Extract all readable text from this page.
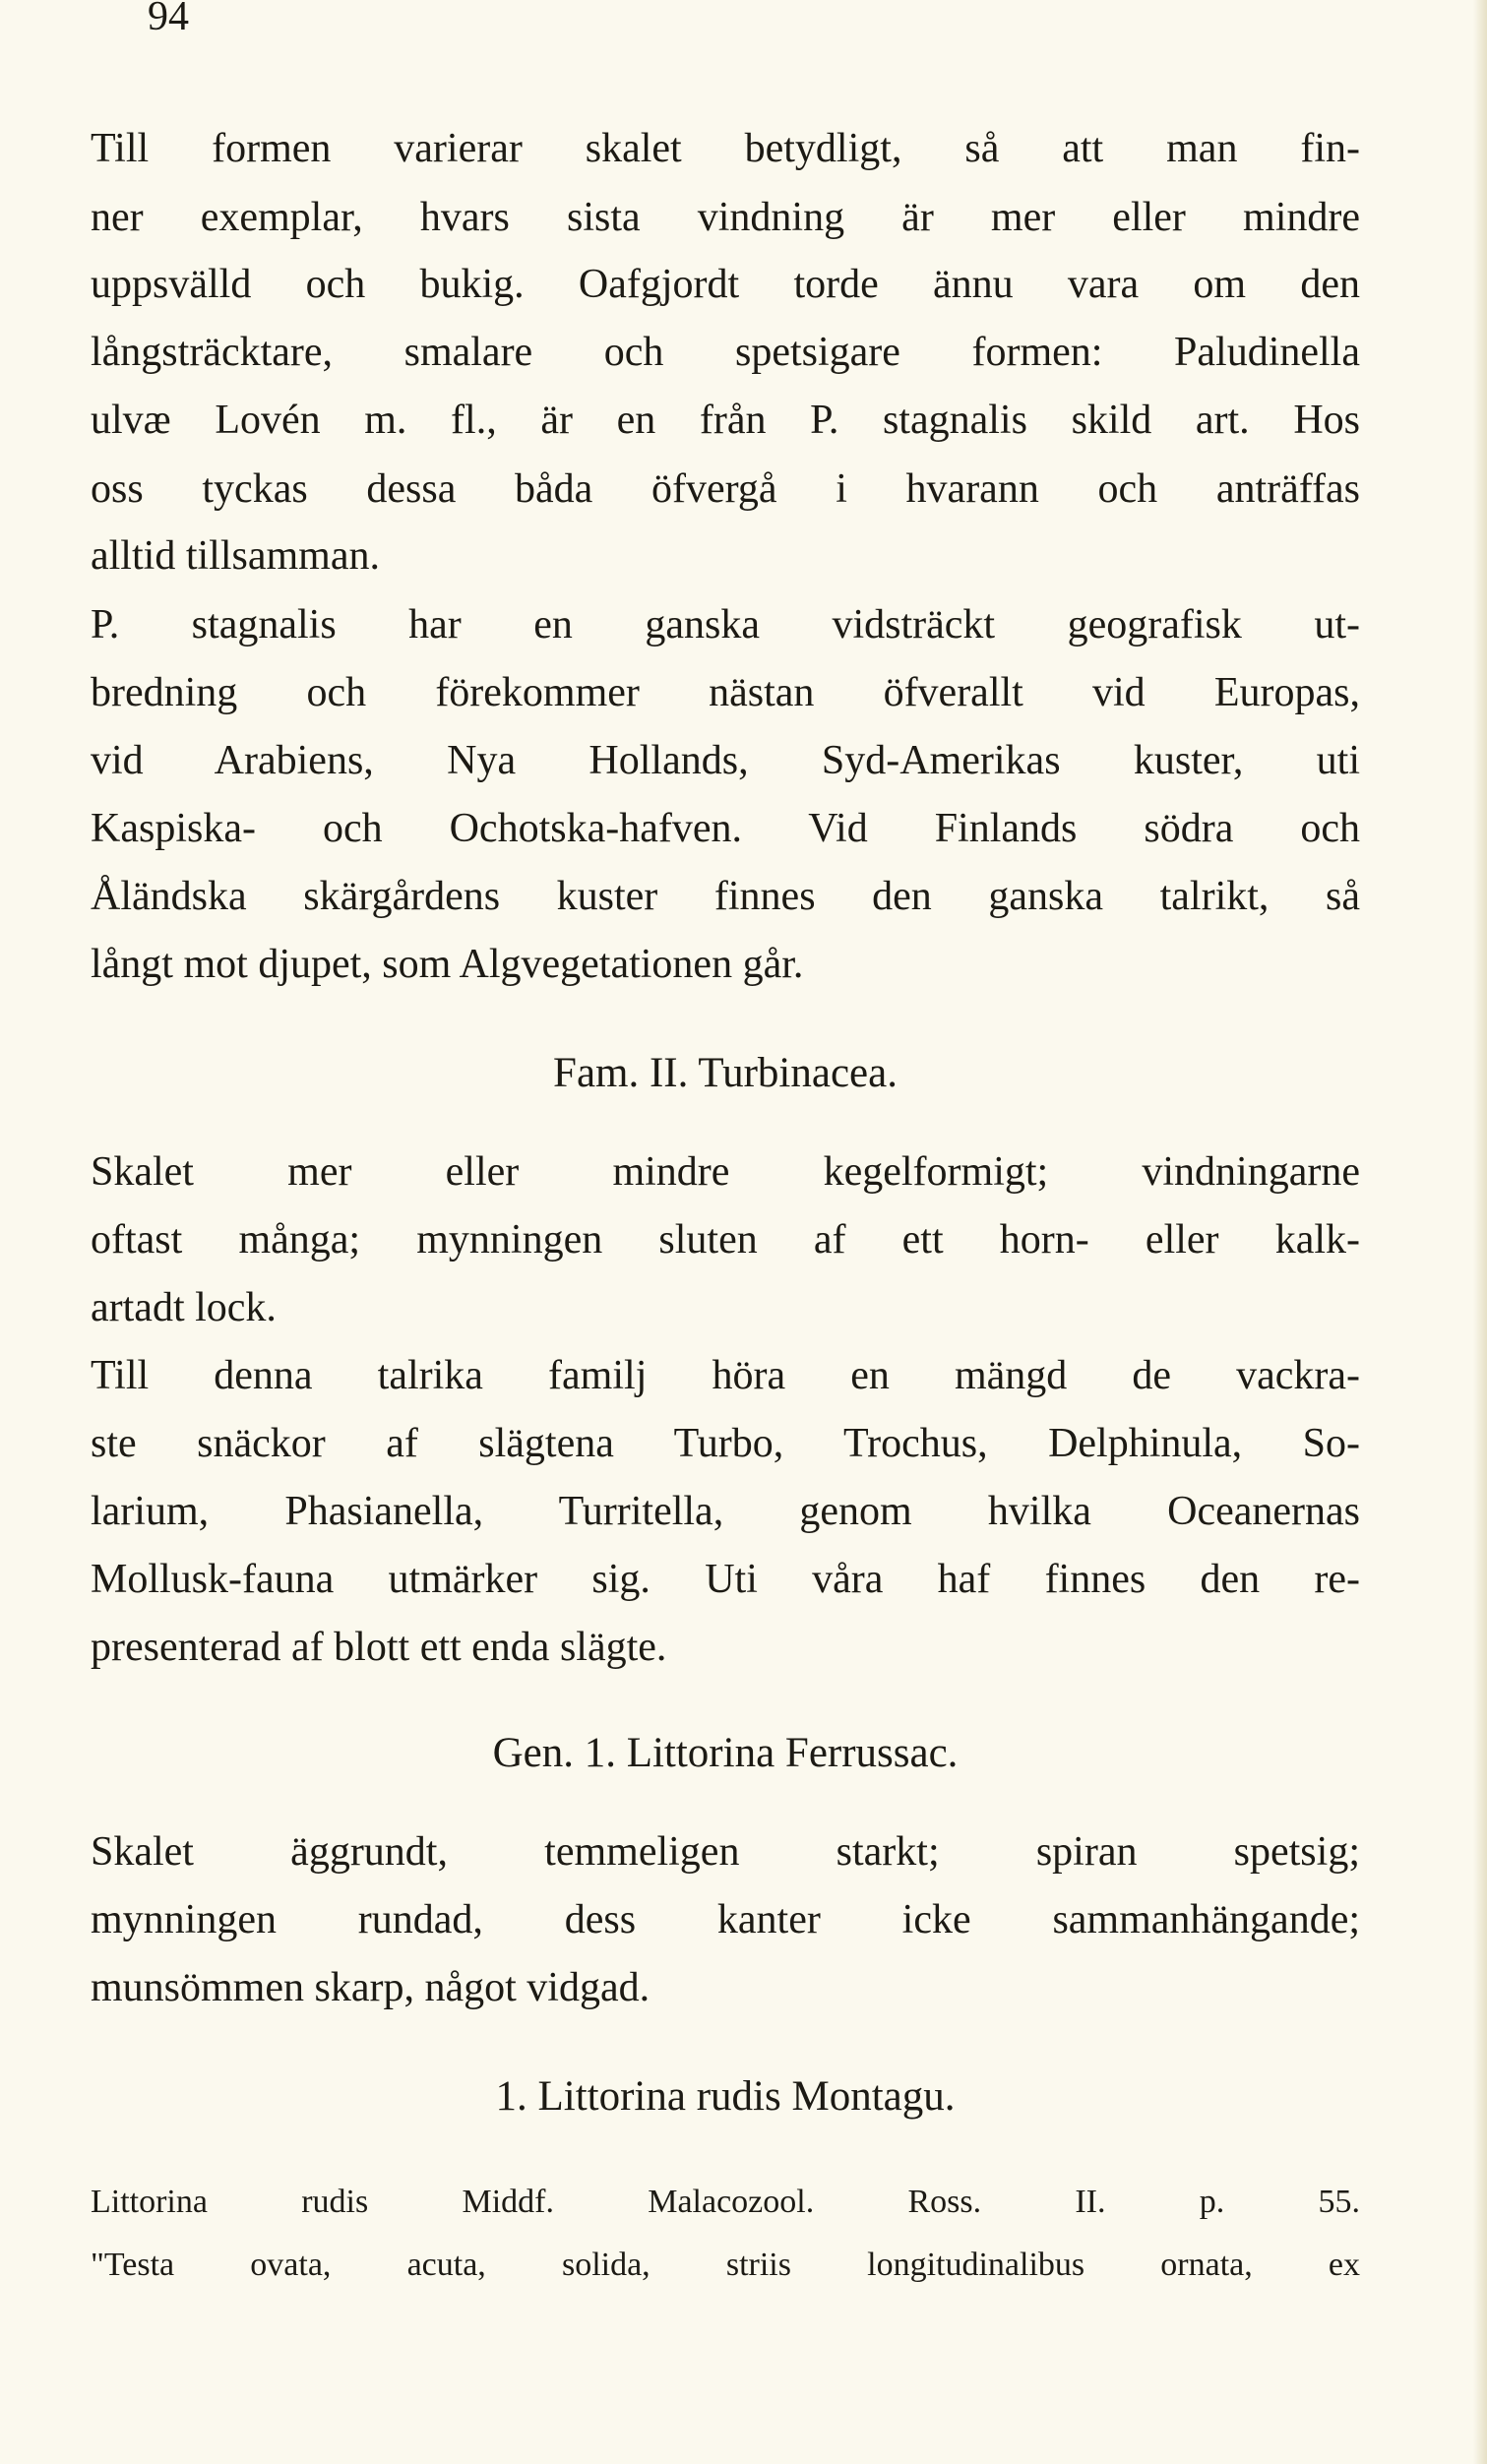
94
Till formen varierar skalet betydligt, så att man fin-
ner exemplar, hvars sista vindning är mer eller mindre
uppsvälld och bukig. Oafgjordt torde ännu vara om den
långsträcktare, smalare och spetsigare formen: Paludinella
ulvæ Lovén m. fl., är en från P. stagnalis skild art. Hos
oss tyckas dessa båda öfvergå i hvarann och anträffas
alltid tillsamman.
P. stagnalis har en ganska vidsträckt geografisk ut-
bredning och förekommer nästan öfverallt vid Europas,
vid Arabiens, Nya Hollands, Syd-Amerikas kuster, uti
Kaspiska- och Ochotska-hafven. Vid Finlands södra och
Åländska skärgårdens kuster finnes den ganska talrikt, så
långt mot djupet, som Algvegetationen går.
Fam. II. Turbinacea.
Skalet mer eller mindre kegelformigt; vindningarne
oftast många; mynningen sluten af ett horn- eller kalk-
artadt lock.
Till denna talrika familj höra en mängd de vackra-
ste snäckor af slägtena Turbo, Trochus, Delphinula, So-
larium, Phasianella, Turritella, genom hvilka Oceanernas
Mollusk-fauna utmärker sig. Uti våra haf finnes den re-
presenterad af blott ett enda slägte.
Gen. 1. Littorina Ferrussac.
Skalet äggrundt, temmeligen starkt; spiran spetsig;
mynningen rundad, dess kanter icke sammanhängande;
munsömmen skarp, något vidgad.
1. Littorina rudis Montagu.
Littorina rudis Middf. Malacozool. Ross. II. p. 55.
"Testa ovata, acuta, solida, striis longitudinalibus ornata, ex
